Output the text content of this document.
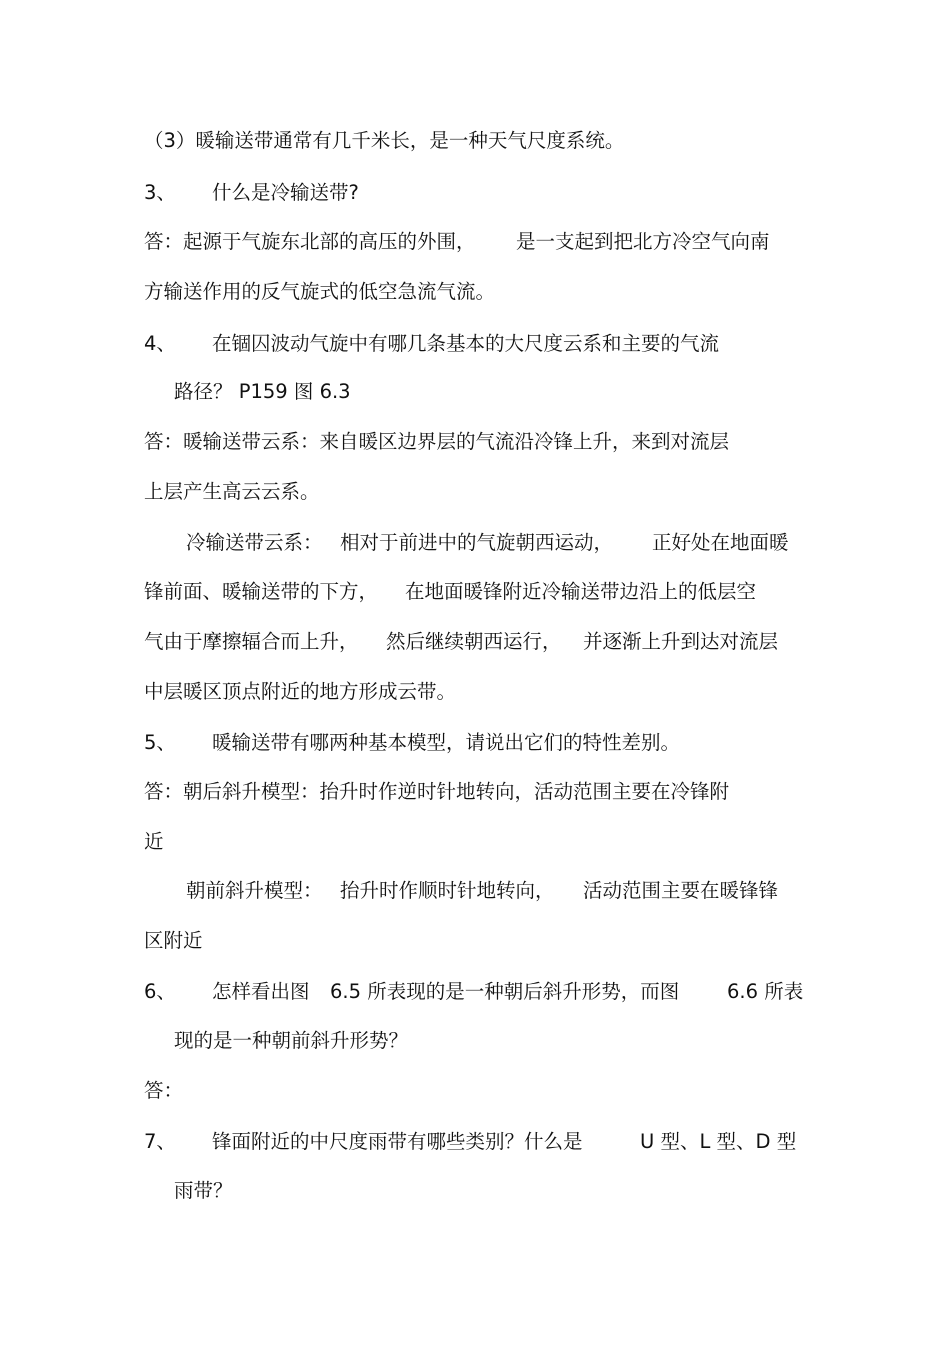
（3）暖输送带通常有几千米长，是一种天气尺度系统。
3、 什么是冷输送带?
答：起源于气旋东北部的高压的外围， 是一支起到把北方冷空气向南
方输送作用的反气旋式的低空急流气流。
4、 在锢囚波动气旋中有哪几条基本的大尺度云系和主要的气流
路径？ P159 图 6.3
答：暖输送带云系：来自暖区边界层的气流沿冷锋上升，来到对流层
上层产生高云云系。
冷输送带云系： 相对于前进中的气旋朝西运动， 正好处在地面暖
锋前面、暖输送带的下方， 在地面暖锋附近冷输送带边沿上的低层空
气由于摩擦辐合而上升， 然后继续朝西运行， 并逐渐上升到达对流层
中层暖区顶点附近的地方形成云带。
5、 暖输送带有哪两种基本模型，请说出它们的特性差别。
答：朝后斜升模型：抬升时作逆时针地转向，活动范围主要在冷锋附
近
朝前斜升模型： 抬升时作顺时针地转向， 活动范围主要在暖锋锋
区附近
6、 怎样看出图 6.5 所表现的是一种朝后斜升形势，而图 6.6 所表
现的是一种朝前斜升形势？
答：
7、 锋面附近的中尺度雨带有哪些类别？什么是	U 型、L 型、D 型
雨带？
